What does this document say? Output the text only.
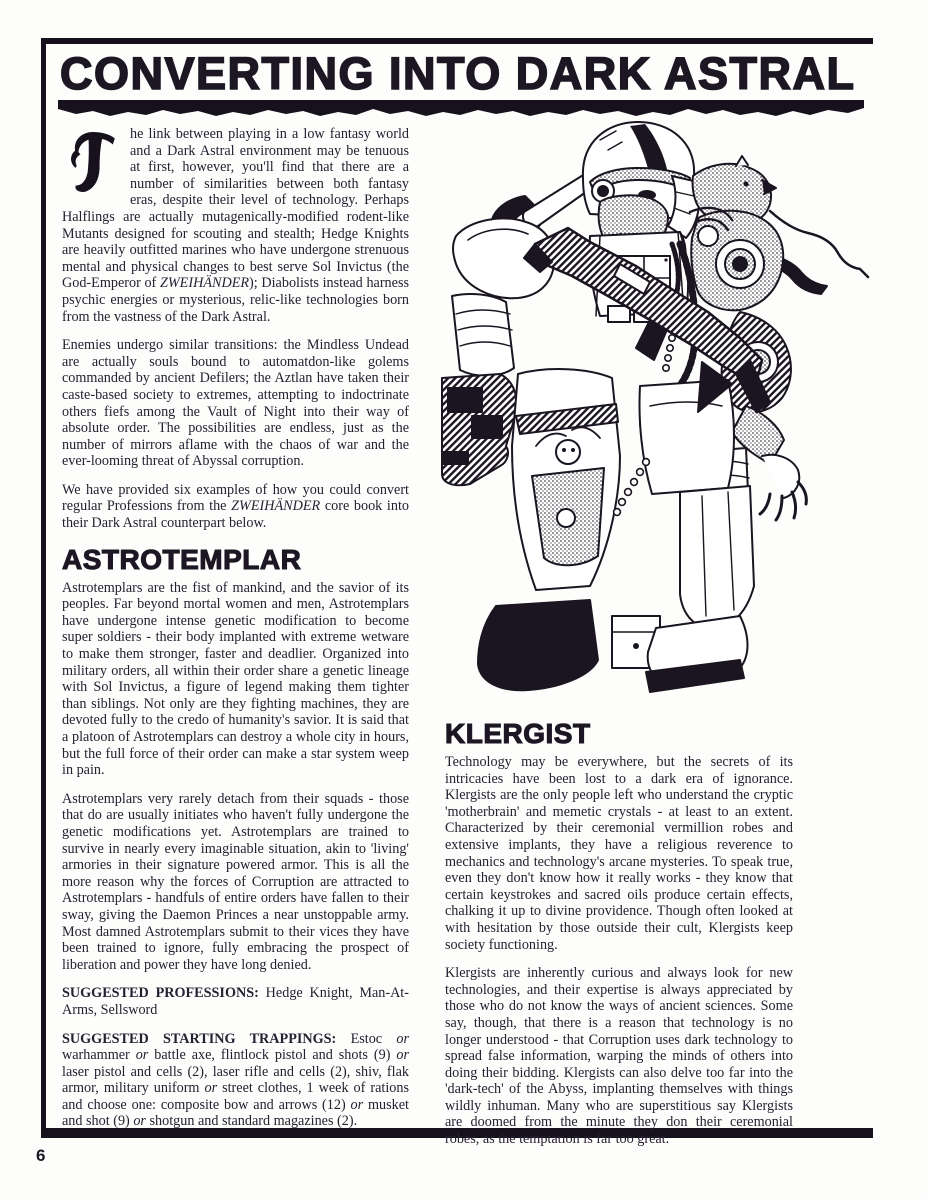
CONVERTING INTO DARK ASTRAL

he link between playing in a low fantasy world and a Dark Astral environment may be tenuous at first, however, you'll find that there are a number of similarities between both fantasy eras, despite their level of technology. Perhaps Halflings are actually mutagenically-modified rodent-like Mutants designed for scouting and stealth; Hedge Knights are heavily outfitted marines who have undergone strenuous mental and physical changes to best serve Sol Invictus (the God-Emperor of ZWEIHÄNDER); Diabolists instead harness psychic energies or mysterious, relic-like technologies born from the vastness of the Dark Astral.

Enemies undergo similar transitions: the Mindless Undead are actually souls bound to automatdon-like golems commanded by ancient Defilers; the Aztlan have taken their caste-based society to extremes, attempting to indoctrinate others fiefs among the Vault of Night into their way of absolute order. The possibilities are endless, just as the number of mirrors aflame with the chaos of war and the ever-looming threat of Abyssal corruption.

We have provided six examples of how you could convert regular Professions from the ZWEIHÄNDER core book into their Dark Astral counterpart below.

ASTROTEMPLAR

Astrotemplars are the fist of mankind, and the savior of its peoples. Far beyond mortal women and men, Astrotemplars have undergone intense genetic modification to become super soldiers - their body implanted with extreme wetware to make them stronger, faster and deadlier. Organized into military orders, all within their order share a genetic lineage with Sol Invictus, a figure of legend making them tighter than siblings. Not only are they fighting machines, they are devoted fully to the credo of humanity's savior. It is said that a platoon of Astrotemplars can destroy a whole city in hours, but the full force of their order can make a star system weep in pain.

Astrotemplars very rarely detach from their squads - those that do are usually initiates who haven't fully undergone the genetic modifications yet. Astrotemplars are trained to survive in nearly every imaginable situation, akin to 'living' armories in their signature powered armor. This is all the more reason why the forces of Corruption are attracted to Astrotemplars - handfuls of entire orders have fallen to their sway, giving the Daemon Princes a near unstoppable army. Most damned Astrotemplars submit to their vices they have been trained to ignore, fully embracing the prospect of liberation and power they have long denied.

SUGGESTED PROFESSIONS: Hedge Knight, Man-At-Arms, Sellsword

SUGGESTED STARTING TRAPPINGS: Estoc or warhammer or battle axe, flintlock pistol and shots (9) or laser pistol and cells (2), laser rifle and cells (2), shiv, flak armor, military uniform or street clothes, 1 week of rations and choose one: composite bow and arrows (12) or musket and shot (9) or shotgun and standard magazines (2).

KLERGIST

Technology may be everywhere, but the secrets of its intricacies have been lost to a dark era of ignorance. Klergists are the only people left who understand the cryptic 'motherbrain' and memetic crystals - at least to an extent. Characterized by their ceremonial vermillion robes and extensive implants, they have a religious reverence to mechanics and technology's arcane mysteries. To speak true, even they don't know how it really works - they know that certain keystrokes and sacred oils produce certain effects, chalking it up to divine providence. Though often looked at with hesitation by those outside their cult, Klergists keep society functioning.

Klergists are inherently curious and always look for new technologies, and their expertise is always appreciated by those who do not know the ways of ancient sciences. Some say, though, that there is a reason that technology is no longer understood - that Corruption uses dark technology to spread false information, warping the minds of others into doing their bidding. Klergists can also delve too far into the 'dark-tech' of the Abyss, implanting themselves with things wildly inhuman. Many who are superstitious say Klergists are doomed from the minute they don their ceremonial robes, as the temptation is far too great.

6
